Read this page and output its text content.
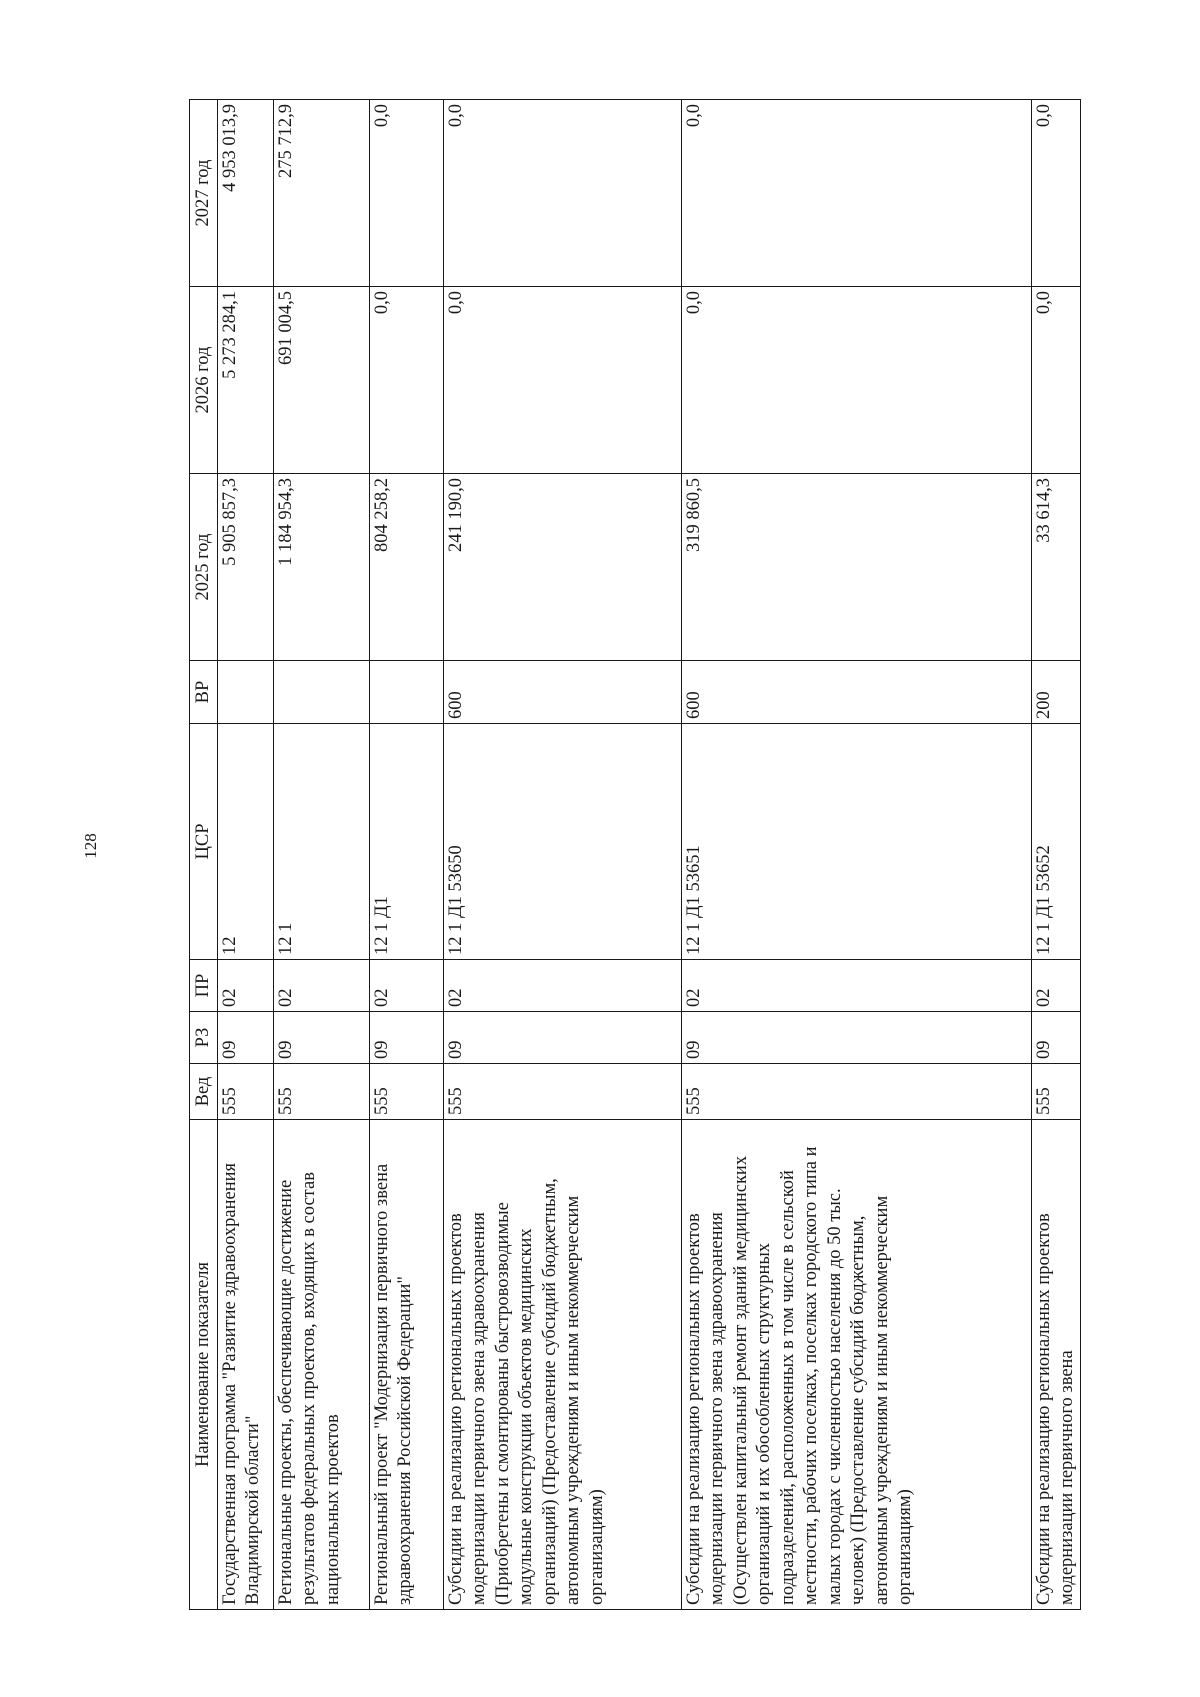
128
Наименование показателя	Вед	РЗ	ПР	ЦСР	ВР	2025 год	2026 год	2027 год
Государственная программа "Развитие здравоохранения Владимирской области"	555	09	02	12		5 905 857,3	5 273 284,1	4 953 013,9
Региональные проекты, обеспечивающие достижение результатов федеральных проектов, входящих в состав национальных проектов	555	09	02	12 1		1 184 954,3	691 004,5	275 712,9
Региональный проект "Модернизация первичного звена здравоохранения Российской Федерации"	555	09	02	12 1 Д1		804 258,2	0,0	0,0
Субсидии на реализацию региональных проектов модернизации первичного звена здравоохранения (Приобретены и смонтированы быстровозводимые модульные конструкции объектов медицинских организаций) (Предоставление субсидий бюджетным, автономным учреждениям и иным некоммерческим организациям)	555	09	02	12 1 Д1 53650	600	241 190,0	0,0	0,0
Субсидии на реализацию региональных проектов модернизации первичного звена здравоохранения (Осуществлен капитальный ремонт зданий медицинских организаций и их обособленных структурных подразделений, расположенных в том числе в сельской местности, рабочих поселках, поселках городского типа и малых городах с численностью населения до 50 тыс. человек) (Предоставление субсидий бюджетным, автономным учреждениям и иным некоммерческим организациям)	555	09	02	12 1 Д1 53651	600	319 860,5	0,0	0,0
Субсидии на реализацию региональных проектов модернизации первичного звена	555	09	02	12 1 Д1 53652	200	33 614,3	0,0	0,0
